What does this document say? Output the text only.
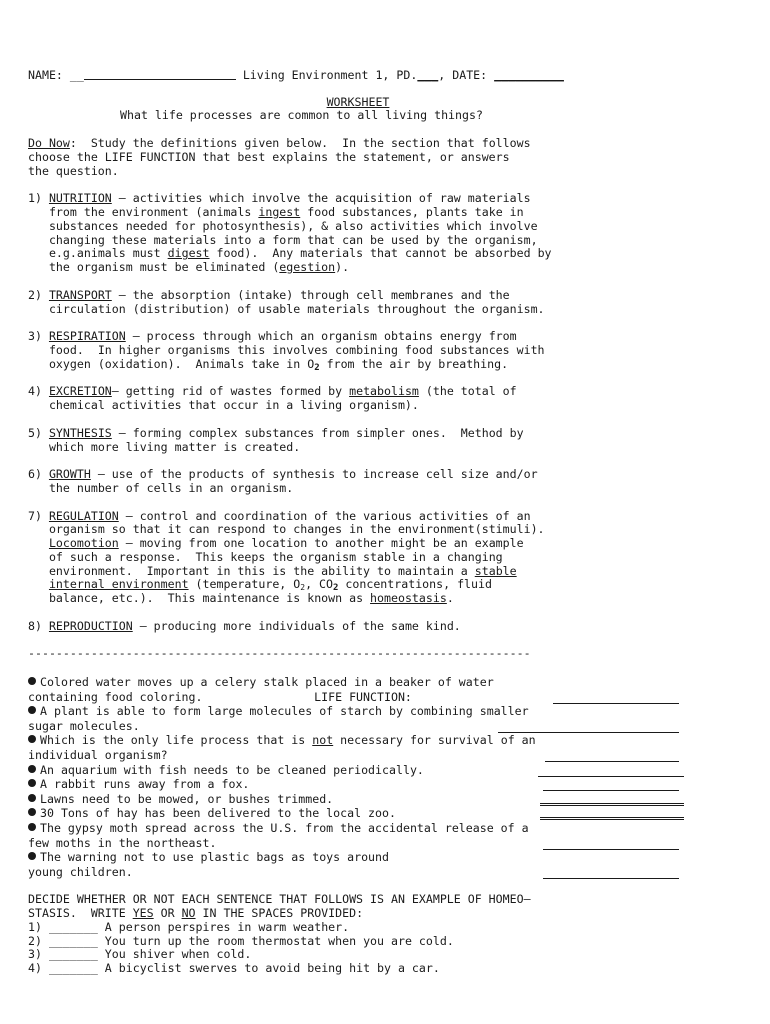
NAME: __	Living Environment 1, PD.___, DATE: __________
WORKSHEET
What life processes are common to all living things?
Do Now:  Study the definitions given below.  In the section that follows
choose the LIFE FUNCTION that best explains the statement, or answers
the question.
1) NUTRITION – activities which involve the acquisition of raw materials
from the environment (animals ingest food substances, plants take in
substances needed for photosynthesis), & also activities which involve
changing these materials into a form that can be used by the organism,
e.g.animals must digest food).  Any materials that cannot be absorbed by
the organism must be eliminated (egestion).
2) TRANSPORT – the absorption (intake) through cell membranes and the
circulation (distribution) of usable materials throughout the organism.
3) RESPIRATION – process through which an organism obtains energy from
food.  In higher organisms this involves combining food substances with
oxygen (oxidation).  Animals take in O2 from the air by breathing.
4) EXCRETION– getting rid of wastes formed by metabolism (the total of
chemical activities that occur in a living organism).
5) SYNTHESIS – forming complex substances from simpler ones.  Method by
which more living matter is created.
6) GROWTH – use of the products of synthesis to increase cell size and/or
the number of cells in an organism.
7) REGULATION – control and coordination of the various activities of an
organism so that it can respond to changes in the environment(stimuli).
Locomotion – moving from one location to another might be an example
of such a response.  This keeps the organism stable in a changing
environment.  Important in this is the ability to maintain a stable
internal environment (temperature, $O_2$, CO2 concentrations, fluid
balance, etc.).  This maintenance is known as homeostasis.
8) REPRODUCTION – producing more individuals of the same kind.
------------------------------------------------------------------------
Colored water moves up a celery stalk placed in a beaker of water
containing food coloring.                LIFE FUNCTION:
A plant is able to form large molecules of starch by combining smaller
sugar molecules.
Which is the only life process that is not necessary for survival of an
individual organism?
An aquarium with fish needs to be cleaned periodically.
A rabbit runs away from a fox.
Lawns need to be mowed, or bushes trimmed.
30 Tons of hay has been delivered to the local zoo.
The gypsy moth spread across the U.S. from the accidental release of a
few moths in the northeast.
The warning not to use plastic bags as toys around
young children.
DECIDE WHETHER OR NOT EACH SENTENCE THAT FOLLOWS IS AN EXAMPLE OF HOMEO–
STASIS.  WRITE YES OR NO IN THE SPACES PROVIDED:
1) _______ A person perspires in warm weather.
2) _______ You turn up the room thermostat when you are cold.
3) _______ You shiver when cold.
4) _______ A bicyclist swerves to avoid being hit by a car.
